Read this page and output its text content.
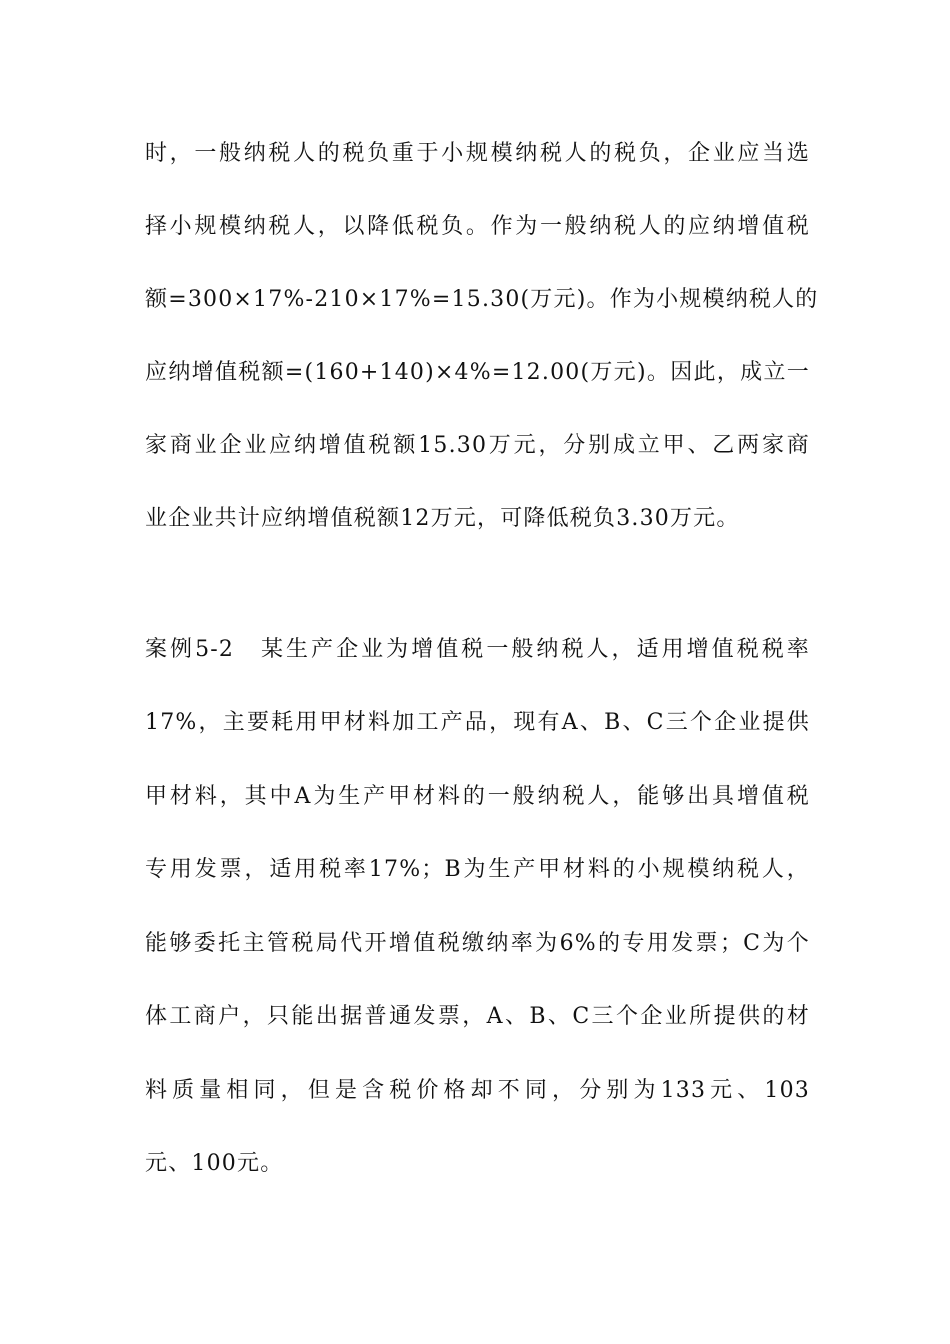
时，一般纳税人的税负重于小规模纳税人的税负，企业应当选
择小规模纳税人，以降低税负。作为一般纳税人的应纳增值税
额=300×17%-210×17%=15.30(万元)。作为小规模纳税人的
应纳增值税额=(160+140)×4%=12.00(万元)。因此，成立一
家商业企业应纳增值税额15.30万元，分别成立甲、乙两家商
业企业共计应纳增值税额12万元，可降低税负3.30万元。
案例5-2　某生产企业为增值税一般纳税人，适用增值税税率
17%，主要耗用甲材料加工产品，现有A、B、C三个企业提供
甲材料，其中A为生产甲材料的一般纳税人，能够出具增值税
专用发票，适用税率17%；B为生产甲材料的小规模纳税人，
能够委托主管税局代开增值税缴纳率为6%的专用发票；C为个
体工商户，只能出据普通发票，A、B、C三个企业所提供的材
料质量相同，但是含税价格却不同，分别为133元、103
元、100元。
